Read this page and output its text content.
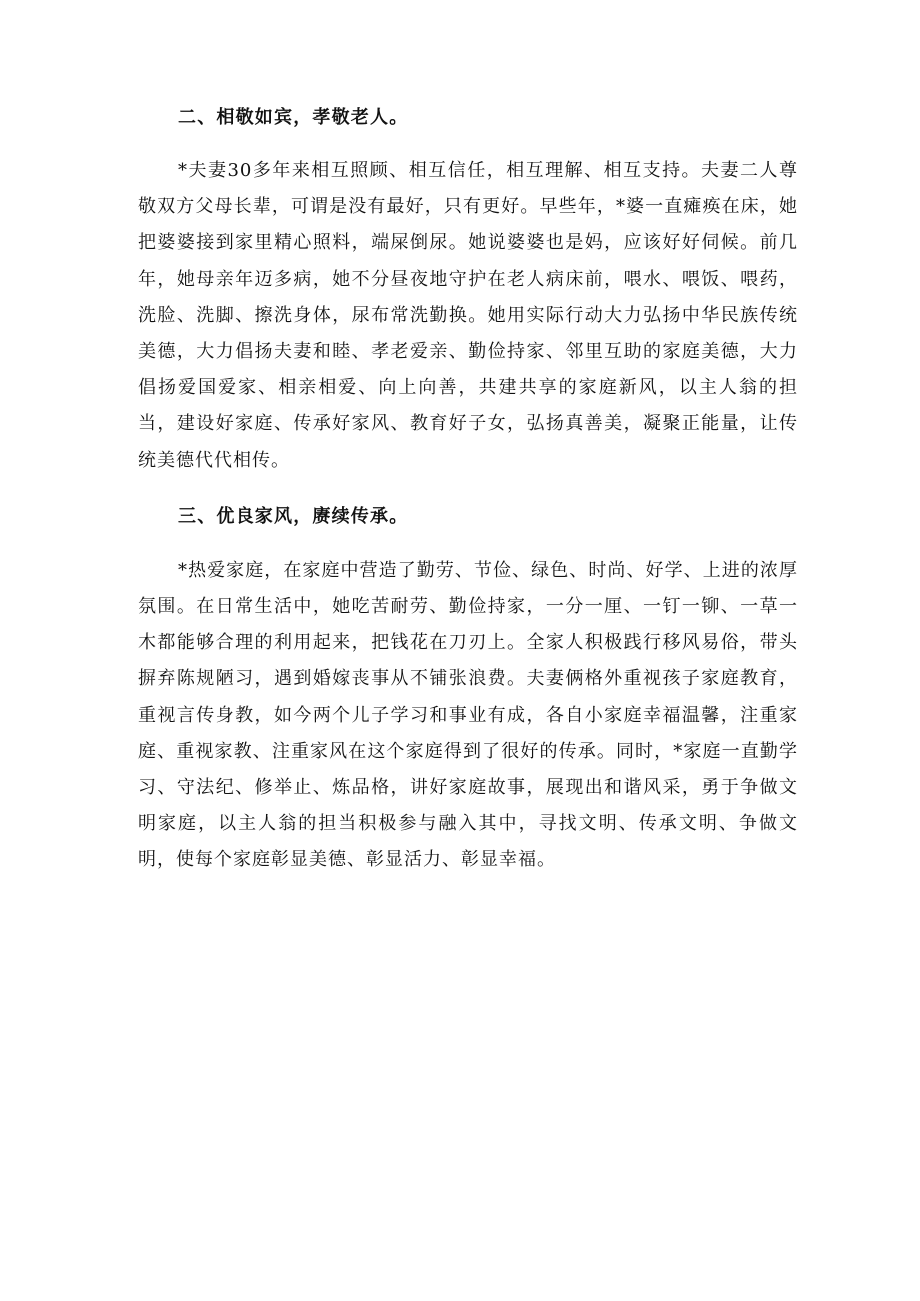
二、相敬如宾，孝敬老人。

*夫妻30多年来相互照顾、相互信任，相互理解、相互支持。夫妻二人尊敬双方父母长辈，可谓是没有最好，只有更好。早些年，*婆一直瘫痪在床，她把婆婆接到家里精心照料，端屎倒尿。她说婆婆也是妈，应该好好伺候。前几年，她母亲年迈多病，她不分昼夜地守护在老人病床前，喂水、喂饭、喂药，洗脸、洗脚、擦洗身体，尿布常洗勤换。她用实际行动大力弘扬中华民族传统美德，大力倡扬夫妻和睦、孝老爱亲、勤俭持家、邻里互助的家庭美德，大力倡扬爱国爱家、相亲相爱、向上向善，共建共享的家庭新风，以主人翁的担当，建设好家庭、传承好家风、教育好子女，弘扬真善美，凝聚正能量，让传统美德代代相传。

三、优良家风，赓续传承。

*热爱家庭，在家庭中营造了勤劳、节俭、绿色、时尚、好学、上进的浓厚氛围。在日常生活中，她吃苦耐劳、勤俭持家，一分一厘、一钉一铆、一草一木都能够合理的利用起来，把钱花在刀刃上。全家人积极践行移风易俗，带头摒弃陈规陋习，遇到婚嫁丧事从不铺张浪费。夫妻俩格外重视孩子家庭教育，重视言传身教，如今两个儿子学习和事业有成，各自小家庭幸福温馨，注重家庭、重视家教、注重家风在这个家庭得到了很好的传承。同时，*家庭一直勤学习、守法纪、修举止、炼品格，讲好家庭故事，展现出和谐风采，勇于争做文明家庭，以主人翁的担当积极参与融入其中，寻找文明、传承文明、争做文明，使每个家庭彰显美德、彰显活力、彰显幸福。
